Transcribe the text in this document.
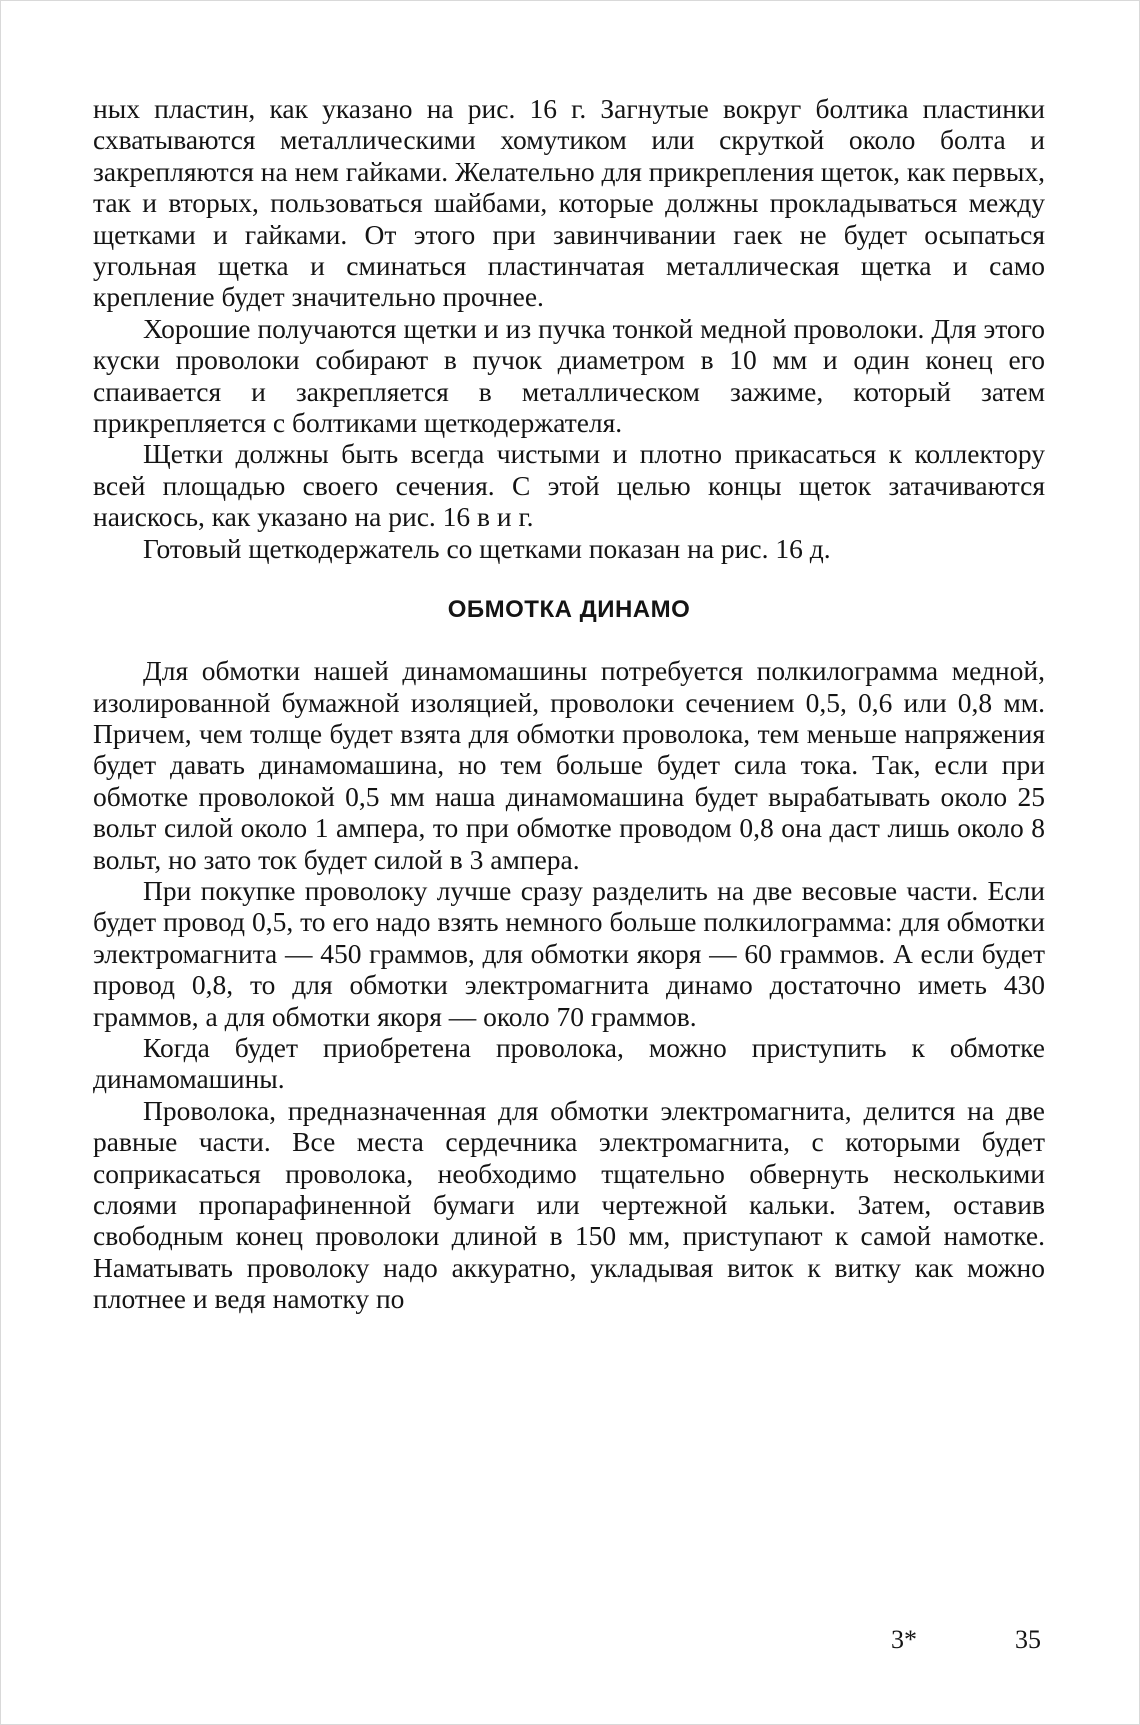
ных пластин, как указано на рис. 16 г. Загнутые вокруг болтика пластинки схватываются металлическими хомутиком или скруткой около болта и закрепляются на нем гайками. Желательно для прикрепления щеток, как первых, так и вторых, пользоваться шайбами, которые должны прокладываться между щетками и гайками. От этого при завинчивании гаек не будет осыпаться угольная щетка и сминаться пластинчатая металлическая щетка и само крепление будет значительно прочнее.

Хорошие получаются щетки и из пучка тонкой медной проволоки. Для этого куски проволоки собирают в пучок диаметром в 10 мм и один конец его спаивается и закрепляется в металлическом зажиме, который затем прикрепляется с болтиками щеткодержателя.

Щетки должны быть всегда чистыми и плотно прикасаться к коллектору всей площадью своего сечения. С этой целью концы щеток затачиваются наискось, как указано на рис. 16 в и г.

Готовый щеткодержатель со щетками показан на рис. 16 д.

ОБМОТКА ДИНАМО

Для обмотки нашей динамомашины потребуется полкилограмма медной, изолированной бумажной изоляцией, проволоки сечением 0,5, 0,6 или 0,8 мм. Причем, чем толще будет взята для обмотки проволока, тем меньше напряжения будет давать динамомашина, но тем больше будет сила тока. Так, если при обмотке проволокой 0,5 мм наша динамомашина будет вырабатывать около 25 вольт силой около 1 ампера, то при обмотке проводом 0,8 она даст лишь около 8 вольт, но зато ток будет силой в 3 ампера.

При покупке проволоку лучше сразу разделить на две весовые части. Если будет провод 0,5, то его надо взять немного больше полкилограмма: для обмотки электромагнита — 450 граммов, для обмотки якоря — 60 граммов. А если будет провод 0,8, то для обмотки электромагнита динамо достаточно иметь 430 граммов, а для обмотки якоря — около 70 граммов.

Когда будет приобретена проволока, можно приступить к обмотке динамомашины.

Проволока, предназначенная для обмотки электромагнита, делится на две равные части. Все места сердечника электромагнита, с которыми будет соприкасаться проволока, необходимо тщательно обвернуть несколькими слоями пропарафиненной бумаги или чертежной кальки. Затем, оставив свободным конец проволоки длиной в 150 мм, приступают к самой намотке. Наматывать проволоку надо аккуратно, укладывая виток к витку как можно плотнее и ведя намотку по

3*	35
